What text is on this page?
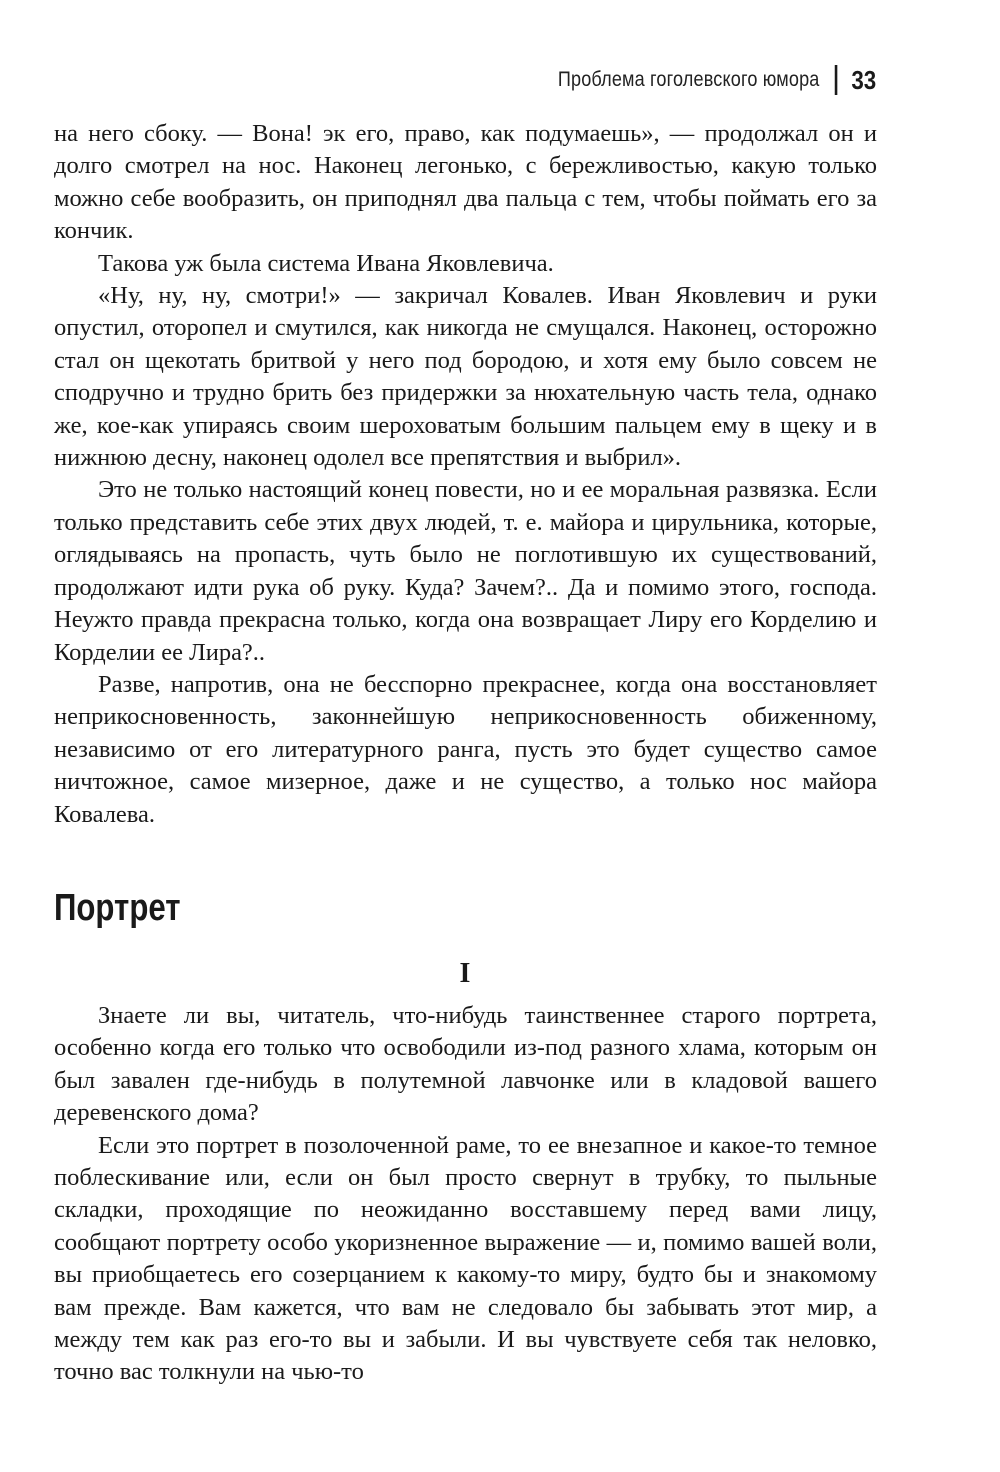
Проблема гоголевского юмора 33

на него сбоку. — Вона! эк его, право, как подумаешь», — продолжал он и долго смотрел на нос. Наконец легонько, с бережливостью, какую только можно себе вообразить, он приподнял два пальца с тем, чтобы поймать его за кончик.

Такова уж была система Ивана Яковлевича.

«Ну, ну, ну, смотри!» — закричал Ковалев. Иван Яковлевич и руки опустил, оторопел и смутился, как никогда не смущался. Наконец, осторожно стал он щекотать бритвой у него под бородою, и хотя ему было совсем не сподручно и трудно брить без придержки за нюхательную часть тела, однако же, кое-как упираясь своим шероховатым большим пальцем ему в щеку и в нижнюю десну, наконец одолел все препятствия и выбрил».

Это не только настоящий конец повести, но и ее моральная развязка. Если только представить себе этих двух людей, т. е. майора и цирульника, которые, оглядываясь на пропасть, чуть было не поглотившую их существований, продолжают идти рука об руку. Куда? Зачем?.. Да и помимо этого, господа. Неужто правда прекрасна только, когда она возвращает Лиру его Корделию и Корделии ее Лира?..

Разве, напротив, она не бесспорно прекраснее, когда она восстановляет неприкосновенность, законнейшую неприкосновенность обиженному, независимо от его литературного ранга, пусть это будет существо самое ничтожное, самое мизерное, даже и не существо, а только нос майора Ковалева.

Портрет
I

Знаете ли вы, читатель, что-нибудь таинственнее старого портрета, особенно когда его только что освободили из-под разного хлама, которым он был завален где-нибудь в полутемной лавчонке или в кладовой вашего деревенского дома?

Если это портрет в позолоченной раме, то ее внезапное и какое-то темное поблескивание или, если он был просто свернут в трубку, то пыльные складки, проходящие по неожиданно восставшему перед вами лицу, сообщают портрету особо укоризненное выражение — и, помимо вашей воли, вы приобщаетесь его созерцанием к какому-то миру, будто бы и знакомому вам прежде. Вам кажется, что вам не следовало бы забывать этот мир, а между тем как раз его-то вы и забыли. И вы чувствуете себя так неловко, точно вас толкнули на чью-то
